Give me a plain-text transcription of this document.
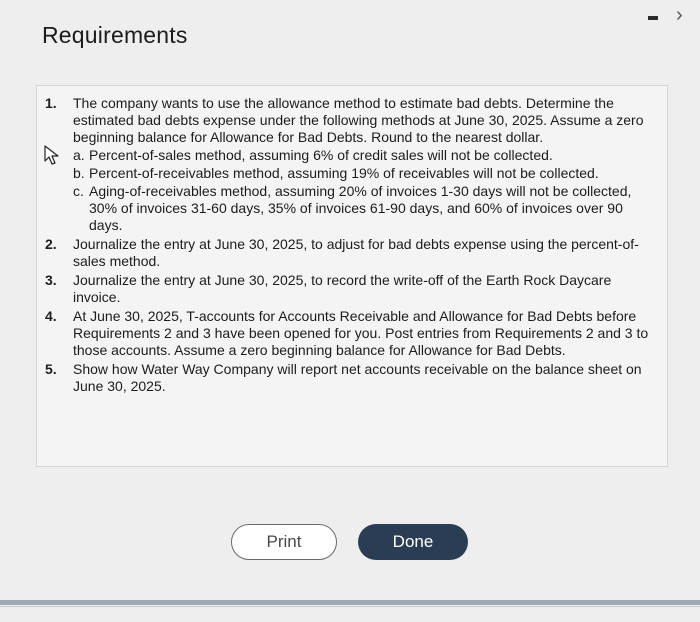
Requirements
›
1.	The company wants to use the allowance method to estimate bad debts. Determine the estimated bad debts expense under the following methods at June 30, 2025. Assume a zero beginning balance for Allowance for Bad Debts. Round to the nearest dollar.
a. Percent-of-sales method, assuming 6% of credit sales will not be collected.
b. Percent-of-receivables method, assuming 19% of receivables will not be collected.
c. Aging-of-receivables method, assuming 20% of invoices 1-30 days will not be collected, 30% of invoices 31-60 days, 35% of invoices 61-90 days, and 60% of invoices over 90 days.
2.	Journalize the entry at June 30, 2025, to adjust for bad debts expense using the percent-of-sales method.
3.	Journalize the entry at June 30, 2025, to record the write-off of the Earth Rock Daycare invoice.
4.	At June 30, 2025, T-accounts for Accounts Receivable and Allowance for Bad Debts before Requirements 2 and 3 have been opened for you. Post entries from Requirements 2 and 3 to those accounts. Assume a zero beginning balance for Allowance for Bad Debts.
5.	Show how Water Way Company will report net accounts receivable on the balance sheet on June 30, 2025.
Print	Done
